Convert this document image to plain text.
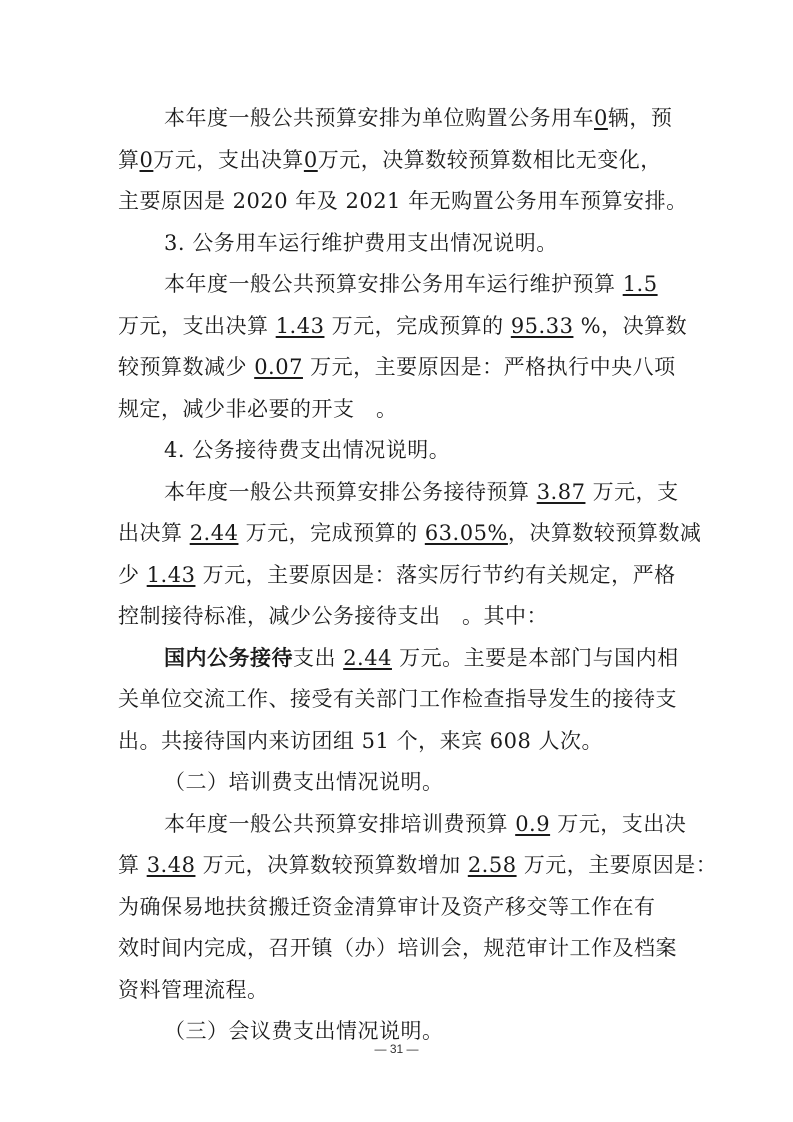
本年度一般公共预算安排为单位购置公务用车0辆，预
算0万元，支出决算0万元，决算数较预算数相比无变化，
主要原因是 2020 年及 2021 年无购置公务用车预算安排。
3. 公务用车运行维护费用支出情况说明。
本年度一般公共预算安排公务用车运行维护预算 1.5
万元，支出决算 1.43 万元，完成预算的 95.33 %，决算数
较预算数减少 0.07 万元，主要原因是：严格执行中央八项
规定，减少非必要的开支　。
4. 公务接待费支出情况说明。
本年度一般公共预算安排公务接待预算 3.87 万元，支
出决算 2.44 万元，完成预算的 63.05%，决算数较预算数减
少 1.43 万元，主要原因是：落实厉行节约有关规定，严格
控制接待标准，减少公务接待支出　。其中：
国内公务接待支出 2.44 万元。主要是本部门与国内相
关单位交流工作、接受有关部门工作检查指导发生的接待支
出。共接待国内来访团组 51 个，来宾 608 人次。
（二）培训费支出情况说明。
本年度一般公共预算安排培训费预算 0.9 万元，支出决
算 3.48 万元，决算数较预算数增加 2.58 万元，主要原因是：
为确保易地扶贫搬迁资金清算审计及资产移交等工作在有
效时间内完成，召开镇（办）培训会，规范审计工作及档案
资料管理流程。
（三）会议费支出情况说明。
— 31 —
